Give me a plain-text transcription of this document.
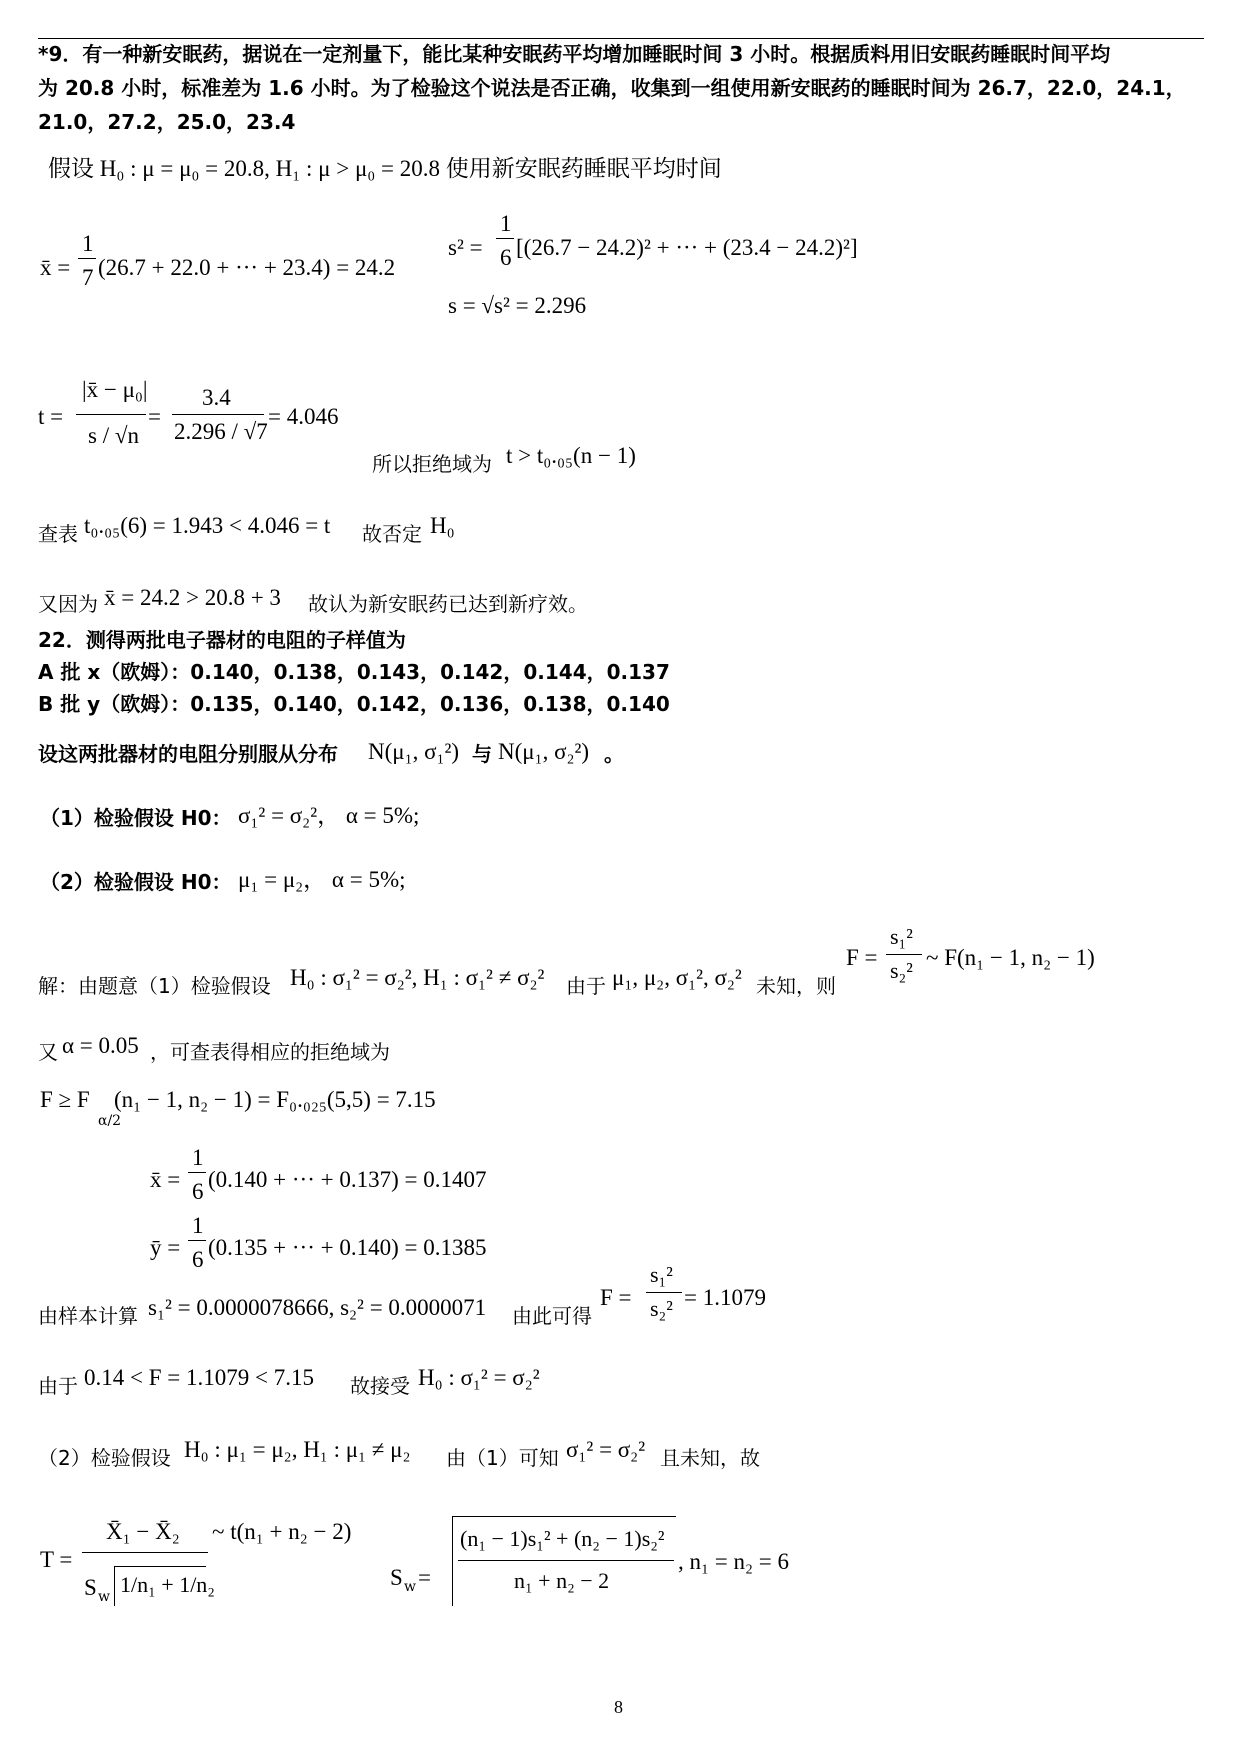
*9．有一种新安眠药，据说在一定剂量下，能比某种安眠药平均增加睡眠时间 3 小时。根据质料用旧安眠药睡眠时间平均
为 20.8 小时，标准差为 1.6 小时。为了检验这个说法是否正确，收集到一组使用新安眠药的睡眠时间为 26.7，22.0，24.1，
21.0，27.2，25.0，23.4
假设 H₀ : μ = μ₀ = 20.8, H₁ : μ > μ₀ = 20.8 使用新安眠药睡眠平均时间
x̄ =
1
7 (26.7 + 22.0 + ··· + 23.4) = 24.2
s² =
1
6 [(26.7 − 24.2)² + ··· + (23.4 − 24.2)²]
s = √s² = 2.296
t =
|x̄ − μ₀|
s / √n
=
3.4
2.296 / √7
= 4.046
所以拒绝域为 t > t₀.₀₅(n − 1)
查表 t₀.₀₅(6) = 1.943 < 4.046 = t 故否定 H₀
又因为 x̄ = 24.2 > 20.8 + 3 故认为新安眠药已达到新疗效。
22．测得两批电子器材的电阻的子样值为
A 批 x（欧姆）：0.140，0.138，0.143，0.142，0.144，0.137
B 批 y（欧姆）：0.135，0.140，0.142，0.136，0.138，0.140
设这两批器材的电阻分别服从分布 N(μ₁, σ₁²) 与 N(μ₁, σ₂²) 。
（1）检验假设 H0： σ₁² = σ₂²， α = 5%;
（2）检验假设 H0： μ₁ = μ₂， α = 5%;
解：由题意（1）检验假设 H₀ : σ₁² = σ₂², H₁ : σ₁² ≠ σ₂² 由于 μ₁, μ₂, σ₁², σ₂² 未知，则
F =
s₁²
s₂²
~ F(n₁ − 1, n₂ − 1)
又 α = 0.05 ，可查表得相应的拒绝域为
F ≥ F
α/2
(n₁ − 1, n₂ − 1) = F₀.₀₂₅(5,5) = 7.15
x̄ =
1
6 (0.140 + ··· + 0.137) = 0.1407
ȳ =
1
6 (0.135 + ··· + 0.140) = 0.1385
由样本计算 s₁² = 0.0000078666, s₂² = 0.0000071 由此可得
F =
s₁²
s₂² = 1.1079
由于 0.14 < F = 1.1079 < 7.15 故接受 H₀ : σ₁² = σ₂²
（2）检验假设 H₀ : μ₁ = μ₂, H₁ : μ₁ ≠ μ₂ 由（1）可知 σ₁² = σ₂² 且未知，故
T =
X̄₁ − X̄₂
S w 1/n₁ + 1/n₂
~ t(n₁ + n₂ − 2)
S w =
(n₁ − 1)s₁² + (n₂ − 1)s₂²
n₁ + n₂ − 2
, n₁ = n₂ = 6
8
